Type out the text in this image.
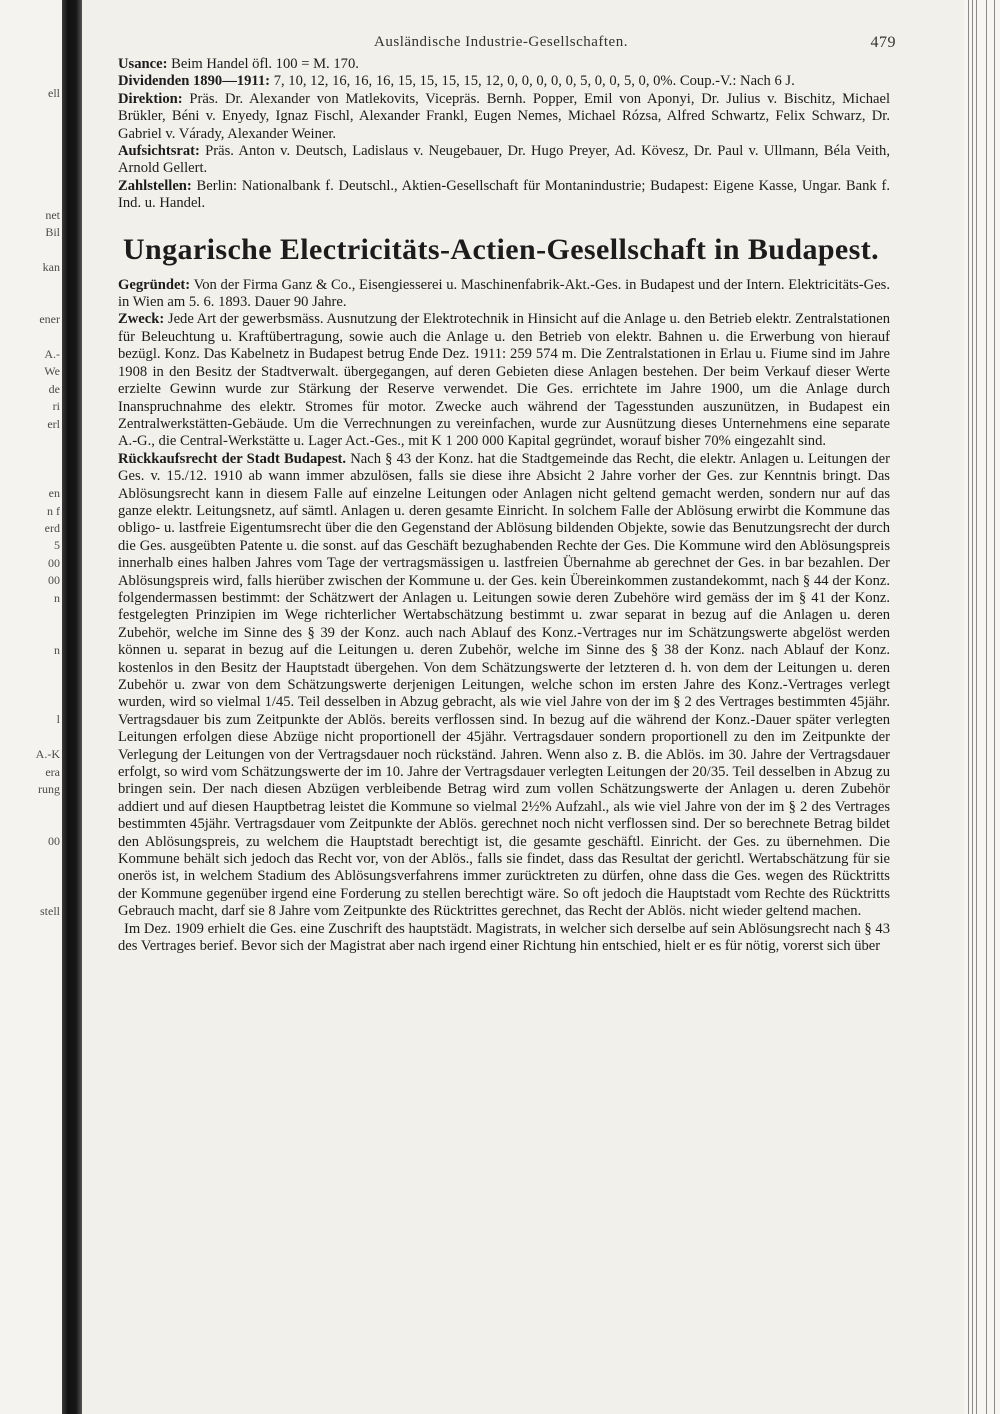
ell
net
Bil
kan
ener
A.-
We
de
ri
erl
en
n f
erd
5
00
00
n
n
l
A.-K
era
rung
00
stell
Ausländische Industrie-Gesellschaften.	479

Usance: Beim Handel öfl. 100 = M. 170.

Dividenden 1890—1911: 7, 10, 12, 16, 16, 16, 15, 15, 15, 15, 12, 0, 0, 0, 0, 0, 5, 0, 0, 5, 0, 0%. Coup.-V.: Nach 6 J.

Direktion: Präs. Dr. Alexander von Matlekovits, Vicepräs. Bernh. Popper, Emil von Aponyi, Dr. Julius v. Bischitz, Michael Brükler, Béni v. Enyedy, Ignaz Fischl, Alexander Frankl, Eugen Nemes, Michael Rózsa, Alfred Schwartz, Felix Schwarz, Dr. Gabriel v. Várady, Alexander Weiner.

Aufsichtsrat: Präs. Anton v. Deutsch, Ladislaus v. Neugebauer, Dr. Hugo Preyer, Ad. Kövesz, Dr. Paul v. Ullmann, Béla Veith, Arnold Gellert.

Zahlstellen: Berlin: Nationalbank f. Deutschl., Aktien-Gesellschaft für Montanindustrie; Budapest: Eigene Kasse, Ungar. Bank f. Ind. u. Handel.

Ungarische Electricitäts-Actien-Gesellschaft in Budapest.

Gegründet: Von der Firma Ganz & Co., Eisengiesserei u. Maschinenfabrik-Akt.-Ges. in Budapest und der Intern. Elektricitäts-Ges. in Wien am 5. 6. 1893. Dauer 90 Jahre.

Zweck: Jede Art der gewerbsmäss. Ausnutzung der Elektrotechnik in Hinsicht auf die Anlage u. den Betrieb elektr. Zentralstationen für Beleuchtung u. Kraftübertragung, sowie auch die Anlage u. den Betrieb von elektr. Bahnen u. die Erwerbung von hierauf bezügl. Konz. Das Kabelnetz in Budapest betrug Ende Dez. 1911: 259 574 m. Die Zentralstationen in Erlau u. Fiume sind im Jahre 1908 in den Besitz der Stadtverwalt. übergegangen, auf deren Gebieten diese Anlagen bestehen. Der beim Verkauf dieser Werte erzielte Gewinn wurde zur Stärkung der Reserve verwendet. Die Ges. errichtete im Jahre 1900, um die Anlage durch Inanspruchnahme des elektr. Stromes für motor. Zwecke auch während der Tagesstunden auszunützen, in Budapest ein Zentralwerkstätten-Gebäude. Um die Verrechnungen zu vereinfachen, wurde zur Ausnützung dieses Unternehmens eine separate A.-G., die Central-Werkstätte u. Lager Act.-Ges., mit K 1 200 000 Kapital gegründet, worauf bisher 70% eingezahlt sind.

Rückkaufsrecht der Stadt Budapest. Nach § 43 der Konz. hat die Stadtgemeinde das Recht, die elektr. Anlagen u. Leitungen der Ges. v. 15./12. 1910 ab wann immer abzulösen, falls sie diese ihre Absicht 2 Jahre vorher der Ges. zur Kenntnis bringt. Das Ablösungsrecht kann in diesem Falle auf einzelne Leitungen oder Anlagen nicht geltend gemacht werden, sondern nur auf das ganze elektr. Leitungsnetz, auf sämtl. Anlagen u. deren gesamte Einricht. In solchem Falle der Ablösung erwirbt die Kommune das obligo- u. lastfreie Eigentumsrecht über die den Gegenstand der Ablösung bildenden Objekte, sowie das Benutzungsrecht der durch die Ges. ausgeübten Patente u. die sonst. auf das Geschäft bezughabenden Rechte der Ges. Die Kommune wird den Ablösungspreis innerhalb eines halben Jahres vom Tage der vertragsmässigen u. lastfreien Übernahme ab gerechnet der Ges. in bar bezahlen. Der Ablösungspreis wird, falls hierüber zwischen der Kommune u. der Ges. kein Übereinkommen zustandekommt, nach § 44 der Konz. folgendermassen bestimmt: der Schätzwert der Anlagen u. Leitungen sowie deren Zubehöre wird gemäss der im § 41 der Konz. festgelegten Prinzipien im Wege richterlicher Wertabschätzung bestimmt u. zwar separat in bezug auf die Anlagen u. deren Zubehör, welche im Sinne des § 39 der Konz. auch nach Ablauf des Konz.-Vertrages nur im Schätzungswerte abgelöst werden können u. separat in bezug auf die Leitungen u. deren Zubehör, welche im Sinne des § 38 der Konz. nach Ablauf der Konz. kostenlos in den Besitz der Hauptstadt übergehen. Von dem Schätzungswerte der letzteren d. h. von dem der Leitungen u. deren Zubehör u. zwar von dem Schätzungswerte derjenigen Leitungen, welche schon im ersten Jahre des Konz.-Vertrages verlegt wurden, wird so vielmal 1/45. Teil desselben in Abzug gebracht, als wie viel Jahre von der im § 2 des Vertrages bestimmten 45jähr. Vertragsdauer bis zum Zeitpunkte der Ablös. bereits verflossen sind. In bezug auf die während der Konz.-Dauer später verlegten Leitungen erfolgen diese Abzüge nicht proportionell der 45jähr. Vertragsdauer sondern proportionell zu den im Zeitpunkte der Verlegung der Leitungen von der Vertragsdauer noch rückständ. Jahren. Wenn also z. B. die Ablös. im 30. Jahre der Vertragsdauer erfolgt, so wird vom Schätzungswerte der im 10. Jahre der Vertragsdauer verlegten Leitungen der 20/35. Teil desselben in Abzug zu bringen sein. Der nach diesen Abzügen verbleibende Betrag wird zum vollen Schätzungswerte der Anlagen u. deren Zubehör addiert und auf diesen Hauptbetrag leistet die Kommune so vielmal 2½% Aufzahl., als wie viel Jahre von der im § 2 des Vertrages bestimmten 45jähr. Vertragsdauer vom Zeitpunkte der Ablös. gerechnet noch nicht verflossen sind. Der so berechnete Betrag bildet den Ablösungspreis, zu welchem die Hauptstadt berechtigt ist, die gesamte geschäftl. Einricht. der Ges. zu übernehmen. Die Kommune behält sich jedoch das Recht vor, von der Ablös., falls sie findet, dass das Resultat der gerichtl. Wertabschätzung für sie onerös ist, in welchem Stadium des Ablösungsverfahrens immer zurücktreten zu dürfen, ohne dass die Ges. wegen des Rücktritts der Kommune gegenüber irgend eine Forderung zu stellen berechtigt wäre. So oft jedoch die Hauptstadt vom Rechte des Rücktritts Gebrauch macht, darf sie 8 Jahre vom Zeitpunkte des Rücktrittes gerechnet, das Recht der Ablös. nicht wieder geltend machen.

Im Dez. 1909 erhielt die Ges. eine Zuschrift des hauptstädt. Magistrats, in welcher sich derselbe auf sein Ablösungsrecht nach § 43 des Vertrages berief. Bevor sich der Magistrat aber nach irgend einer Richtung hin entschied, hielt er es für nötig, vorerst sich über
